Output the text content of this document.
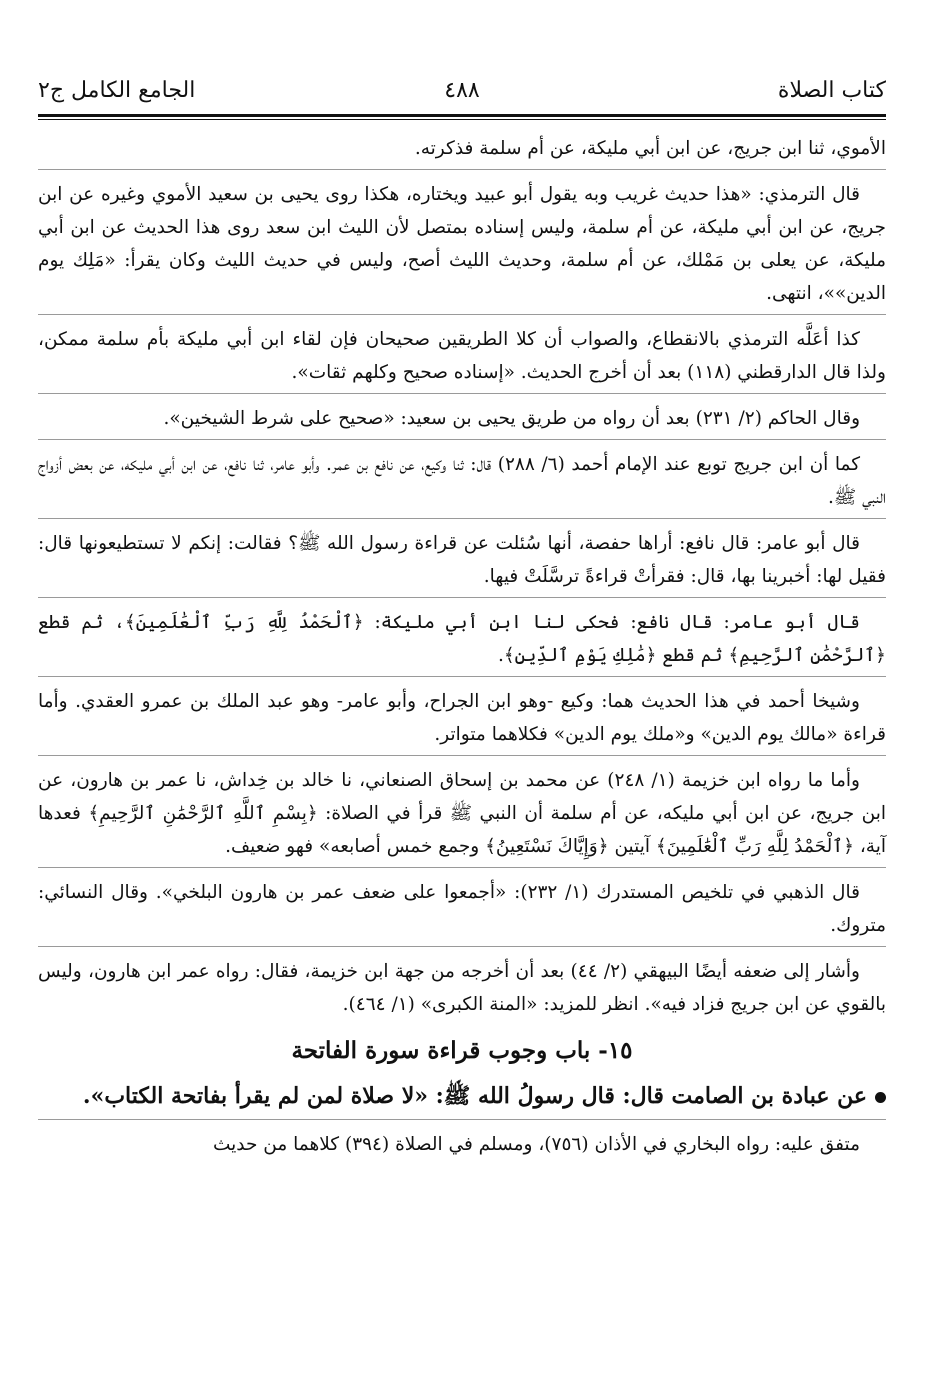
كتاب الصلاة
٤٨٨
الجامع الكامل ج٢

الأموي، ثنا ابن جريج، عن ابن أبي مليكة، عن أم سلمة فذكرته.

قال الترمذي: «هذا حديث غريب وبه يقول أبو عبيد ويختاره، هكذا روى يحيى بن سعيد الأموي وغيره عن ابن جريج، عن ابن أبي مليكة، عن أم سلمة، وليس إسناده بمتصل لأن الليث ابن سعد روى هذا الحديث عن ابن أبي مليكة، عن يعلى بن مَمْلك، عن أم سلمة، وحديث الليث أصح، وليس في حديث الليث وكان يقرأ: «مَلِك يوم الدين»»، انتهى.

كذا أعَلَّه الترمذي بالانقطاع، والصواب أن كلا الطريقين صحيحان فإن لقاء ابن أبي مليكة بأم سلمة ممكن، ولذا قال الدارقطني (١١٨) بعد أن أخرج الحديث. «إسناده صحيح وكلهم ثقات».

وقال الحاكم (٢/ ٢٣١) بعد أن رواه من طريق يحيى بن سعيد: «صحيح على شرط الشيخين».

كما أن ابن جريج توبع عند الإمام أحمد (٦/ ٢٨٨) قال: ثنا وكيع، عن نافع بن عمر. وأبو عامر، ثنا نافع، عن ابن أبي مليكه، عن بعض أزواج النبي ﷺ.

قال أبو عامر: قال نافع: أراها حفصة، أنها سُئلت عن قراءة رسول الله ﷺ؟ فقالت: إنكم لا تستطيعونها قال: فقيل لها: أخبرينا بها، قال: فقرأتْ قراءةً ترسَّلَتْ فيها.

قال أبو عامر: قال نافع: فحكى لنا ابن أبي مليكة: ﴿ٱلْحَمْدُ لِلَّهِ رَبِّ ٱلْعَٰلَمِينَ﴾، ثم قطع ﴿ٱلرَّحْمَٰنِ ٱلرَّحِيمِ﴾ ثم قطع ﴿مَٰلِكِ يَوْمِ ٱلدِّينِ﴾.

وشيخا أحمد في هذا الحديث هما: وكيع -وهو ابن الجراح، وأبو عامر- وهو عبد الملك بن عمرو العقدي. وأما قراءة «مالك يوم الدين» و«ملك يوم الدين» فكلاهما متواتر.

وأما ما رواه ابن خزيمة (١/ ٢٤٨) عن محمد بن إسحاق الصنعاني، نا خالد بن خِداش، نا عمر بن هارون، عن ابن جريج، عن ابن أبي مليكه، عن أم سلمة أن النبي ﷺ قرأ في الصلاة: ﴿بِسْمِ ٱللَّهِ ٱلرَّحْمَٰنِ ٱلرَّحِيمِ﴾ فعدها آية، ﴿ٱلْحَمْدُ لِلَّهِ رَبِّ ٱلْعَٰلَمِينَ﴾ آيتين ﴿وَإِيَّاكَ نَسْتَعِينُ﴾ وجمع خمس أصابعه» فهو ضعيف.

قال الذهبي في تلخيص المستدرك (١/ ٢٣٢): «أجمعوا على ضعف عمر بن هارون البلخي». وقال النسائي: متروك.

وأشار إلى ضعفه أيضًا البيهقي (٢/ ٤٤) بعد أن أخرجه من جهة ابن خزيمة، فقال: رواه عمر ابن هارون، وليس بالقوي عن ابن جريج فزاد فيه». انظر للمزيد: «المنة الكبرى» (١/ ٤٦٤).

١٥- باب وجوب قراءة سورة الفاتحة

عن عبادة بن الصامت قال: قال رسولُ الله ﷺ: «لا صلاة لمن لم يقرأ بفاتحة الكتاب».

متفق عليه: رواه البخاري في الأذان (٧٥٦)، ومسلم في الصلاة (٣٩٤) كلاهما من حديث
